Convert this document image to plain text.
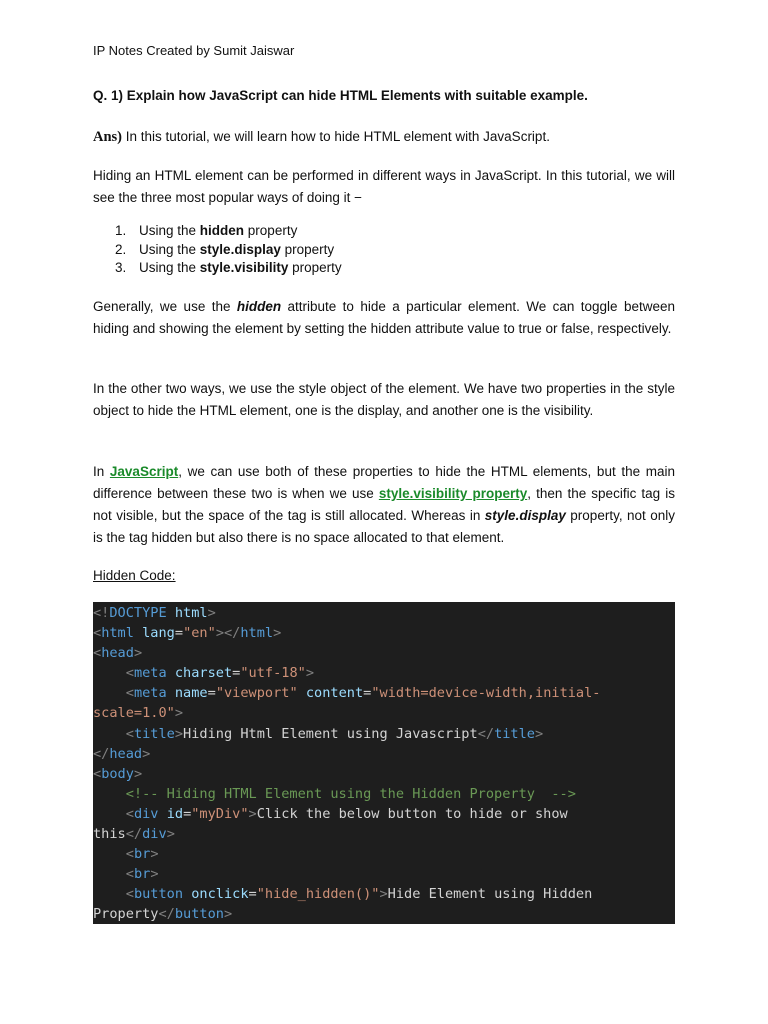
IP Notes Created by Sumit Jaiswar
Q. 1) Explain how JavaScript can hide HTML Elements with suitable example.
Ans) In this tutorial, we will learn how to hide HTML element with JavaScript.
Hiding an HTML element can be performed in different ways in JavaScript. In this tutorial, we will see the three most popular ways of doing it −
1. Using the hidden property
2. Using the style.display property
3. Using the style.visibility property
Generally, we use the hidden attribute to hide a particular element. We can toggle between hiding and showing the element by setting the hidden attribute value to true or false, respectively.
In the other two ways, we use the style object of the element. We have two properties in the style object to hide the HTML element, one is the display, and another one is the visibility.
In JavaScript, we can use both of these properties to hide the HTML elements, but the main difference between these two is when we use style.visibility property, then the specific tag is not visible, but the space of the tag is still allocated. Whereas in style.display property, not only is the tag hidden but also there is no space allocated to that element.
Hidden Code:
<!DOCTYPE html>
<html lang="en"></html>
<head>
<meta charset="utf-18">
<meta name="viewport" content="width=device-width,initial-
scale=1.0">
<title>Hiding Html Element using Javascript</title>
</head>
<body>
<!-- Hiding HTML Element using the Hidden Property  -->
<div id="myDiv">Click the below button to hide or show
this</div>
<br>
<br>
<button onclick="hide_hidden()">Hide Element using Hidden
Property</button>
